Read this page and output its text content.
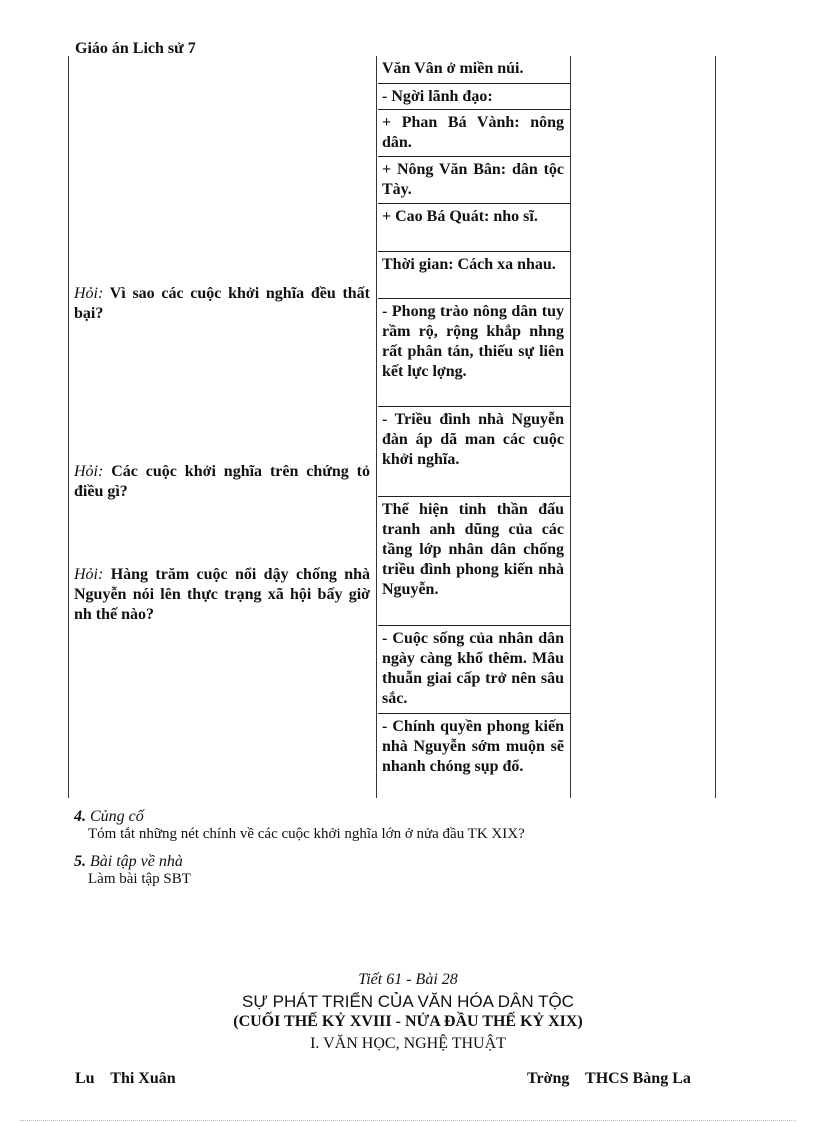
Giáo án Lich sử 7
Hỏi: Vì sao các cuộc khởi nghĩa đều thất bại?
Hỏi: Các cuộc khởi nghĩa trên chứng tỏ điều gì?
Hỏi: Hàng trăm cuộc nổi dậy chống nhà Nguyễn nói lên thực trạng xã hội bấy giờ nh thế nào?
Văn Vân ở miền núi.
- Ngời lãnh đạo:
+ Phan Bá Vành: nông dân.
+ Nông Văn Bân: dân tộc Tày.
+ Cao Bá Quát: nho sĩ.
Thời gian: Cách xa nhau.
- Phong trào nông dân tuy rầm rộ, rộng khắp nhng rất phân tán, thiếu sự liên kết lực lợng.
- Triều đình nhà Nguyễn đàn áp dã man các cuộc khởi nghĩa.
Thể hiện tinh thần đấu tranh anh dũng của các tầng lớp nhân dân chống triều đình phong kiến nhà Nguyễn.
- Cuộc sống của nhân dân ngày càng khổ thêm. Mâu thuẫn giai cấp trở nên sâu sắc.
- Chính quyền phong kiến nhà Nguyễn sớm muộn sẽ nhanh chóng sụp đổ.
4. Củng cố
Tóm tắt những nét chính về các cuộc khởi nghĩa lớn ở nửa đầu TK XIX?
5. Bài tập về nhà
Làm bài tập SBT
Tiết 61 - Bài 28
SỰ PHÁT TRIỂN CỦA VĂN HÓA DÂN TỘC
(CUỐI THẾ KỶ XVIII - NỬA ĐẦU THẾ KỶ XIX)
I. VĂN HỌC, NGHỆ THUẬT
Lu    Thi Xuân	Trờng    THCS Bàng La
